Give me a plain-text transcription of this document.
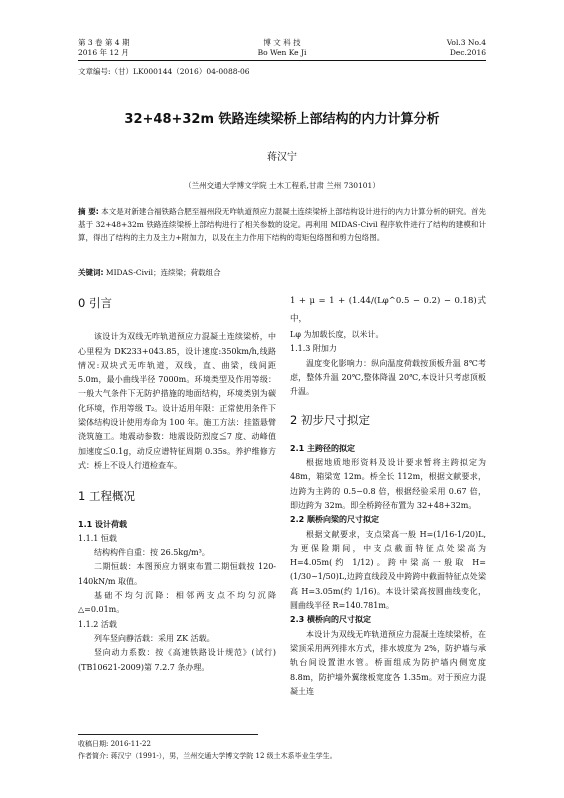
第 3 卷 第 4 期
2016 年 12 月
博 文 科 技
Bo Wen Ke Ji
Vol.3 No.4
Dec.2016
文章编号:（甘）LK000144（2016）04-0088-06
32+48+32m 铁路连续梁桥上部结构的内力计算分析
蒋汉宁
（兰州交通大学博文学院 土木工程系,甘肃 兰州 730101）
摘 要: 本文是对新建合福铁路合肥至福州段无咋轨道预应力混凝土连续梁桥上部结构设计进行的内力计算分析的研究。首先基于 32+48+32m 铁路连续梁桥上部结构进行了相关参数的设定。再利用 MIDAS-Civil 程序软件进行了结构的建模和计算，得出了结构的主力及主力+附加力，以及在主力作用下结构的弯矩包络图和剪力包络图。
关键词: MIDAS-Civil；连续梁；荷载组合
0 引言

该设计为双线无咋轨道预应力混凝土连续梁桥，中心里程为 DK233+043.85，设计速度:350km/h,线路情况:双块式无咋轨道，双线，直、曲梁，线间距 5.0m，最小曲线半径 7000m。环境类型及作用等级：一般大气条件下无防护措施的地面结构，环境类别为碳化环境，作用等级 T₂。设计适用年限：正常使用条件下梁体结构设计使用寿命为 100 年。施工方法：挂篮悬臂浇筑施工。地震动参数：地震设防烈度≦7 度、动峰值加速度≦0.1g，动反应谱特征周期 0.35s。养护维修方式：桥上不设人行道检查车。

1 工程概况
1.1 设计荷载
1.1.1 恒载

结构构件自重：按 26.5kg/m³。

二期恒载：本图预应力钢束布置二期恒载按 120-140kN/m 取值。

基础不均匀沉降：相邻两支点不均匀沉降△=0.01m。

1.1.2 活载

列车竖向静活载：采用 ZK 活载。

竖向动力系数：按《高速铁路设计规范》(试行)(TB10621-2009)第 7.2.7 条办理。

1 + μ = 1 + (1.44/(Lφ^0.5 − 0.2) − 0.18)式中，

Lφ 为加载长度，以米计。

1.1.3 附加力

温度变化影响力：纵向温度荷载按顶板升温 8℃考虑，整体升温 20℃,整体降温 20℃,本设计只考虑顶板升温。

2 初步尺寸拟定
2.1 主跨径的拟定

根据地质地形资料及设计要求暂将主跨拟定为 48m，箱梁宽 12m。桥全长 112m，根据文献要求，边跨为主跨的 0.5−0.8 倍，根据经验采用 0.67 倍，即边跨为 32m。即全桥跨径布置为 32+48+32m。

2.2 顺桥向梁的尺寸拟定

根据文献要求，支点梁高一般 H=(1/16-1/20)L,为更保险期间，中支点截面特征点处梁高为 H=4.05m(约 1/12)。跨中梁高一般取 H=(1/30~1/50)L,边跨直线段及中跨跨中截面特征点处梁高 H=3.05m(约 1/16)。本设计梁高按圆曲线变化，圆曲线半径 R=140.781m。

2.3 横桥向的尺寸拟定

本设计为双线无咋轨道预应力混凝土连续梁桥，在梁顶采用两列排水方式，排水坡度为 2%，防护墙与承轨台间设置泄水管。桥面组成为防护墙内侧宽度 8.8m，防护墙外翼缘板宽度各 1.35m。对于预应力混凝土连

收稿日期: 2016-11-22
作者简介: 蒋汉宁（1991-），男，兰州交通大学博文学院 12 级土木系毕业生学生。
